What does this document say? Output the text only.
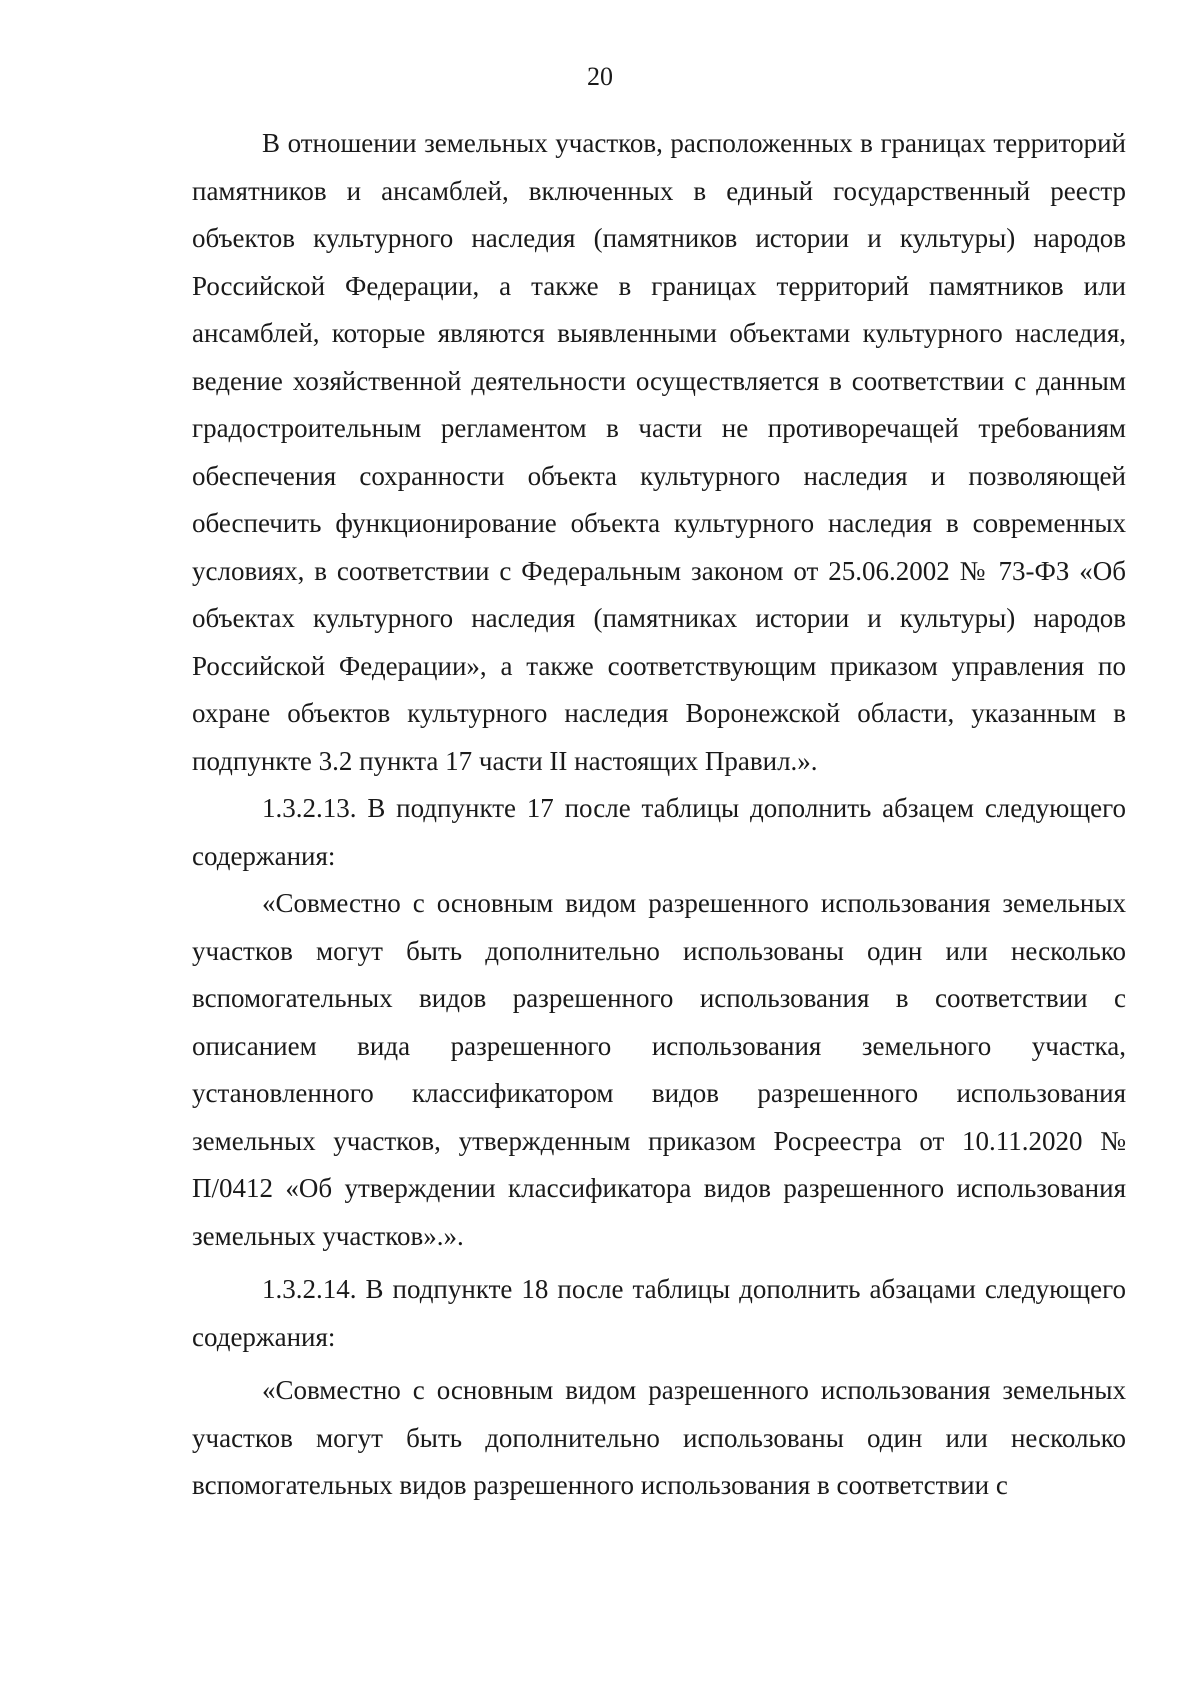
20

В отношении земельных участков, расположенных в границах территорий памятников и ансамблей, включенных в единый государственный реестр объектов культурного наследия (памятников истории и культуры) народов Российской Федерации, а также в границах территорий памятников или ансамблей, которые являются выявленными объектами культурного наследия, ведение хозяйственной деятельности осуществляется в соответствии с данным градостроительным регламентом в части не противоречащей требованиям обеспечения сохранности объекта культурного наследия и позволяющей обеспечить функционирование объекта культурного наследия в современных условиях, в соответствии с Федеральным законом от 25.06.2002 № 73-ФЗ «Об объектах культурного наследия (памятниках истории и культуры) народов Российской Федерации», а также соответствующим приказом управления по охране объектов культурного наследия Воронежской области, указанным в подпункте 3.2 пункта 17 части II настоящих Правил.».

1.3.2.13. В подпункте 17 после таблицы дополнить абзацем следующего содержания:

«Совместно с основным видом разрешенного использования земельных участков могут быть дополнительно использованы один или несколько вспомогательных видов разрешенного использования в соответствии с описанием вида разрешенного использования земельного участка, установленного классификатором видов разрешенного использования земельных участков, утвержденным приказом Росреестра от 10.11.2020 № П/0412 «Об утверждении классификатора видов разрешенного использования земельных участков».».

1.3.2.14. В подпункте 18 после таблицы дополнить абзацами следующего содержания:

«Совместно с основным видом разрешенного использования земельных участков могут быть дополнительно использованы один или несколько вспомогательных видов разрешенного использования в соответствии с
